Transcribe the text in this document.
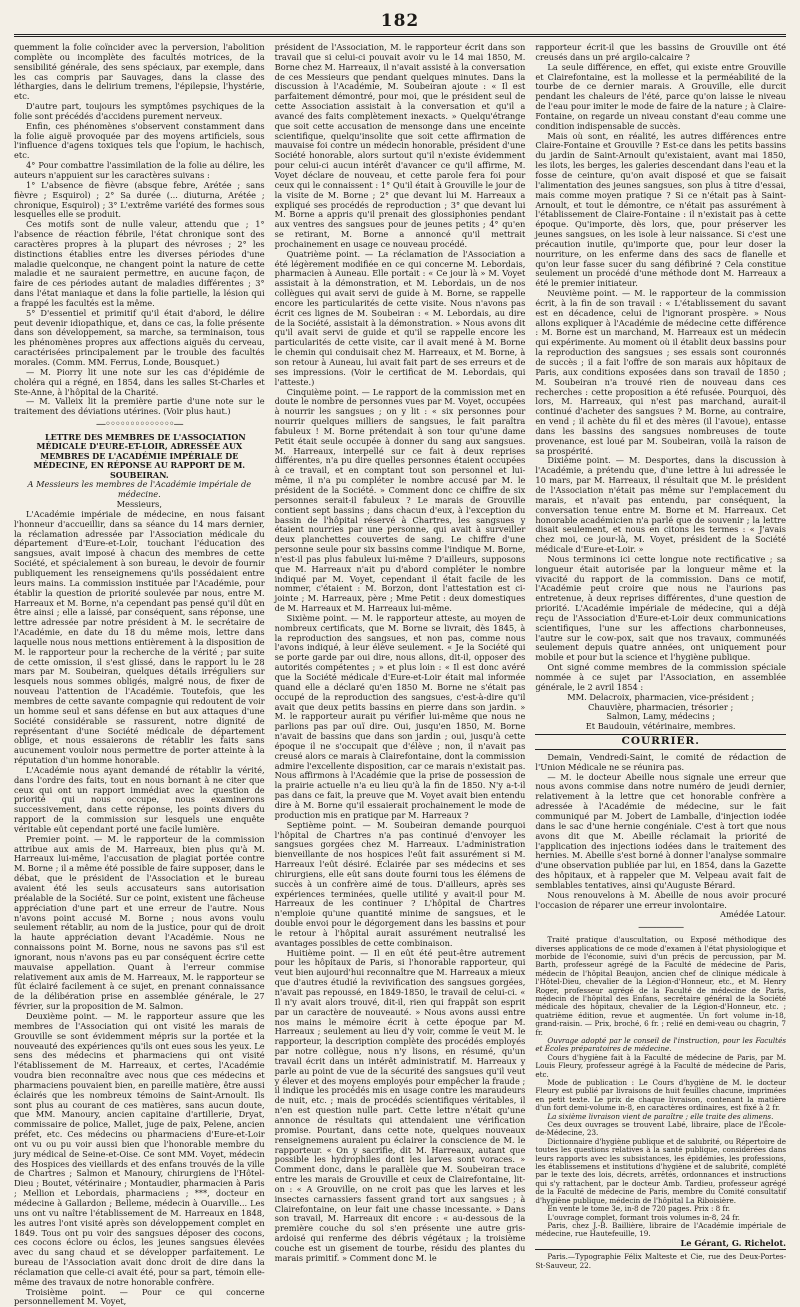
182

quemment la folie coïncider avec la perversion, l'abolition complète ou incomplète des facultés motrices, de la sensibilité générale, des sens spéciaux, par exemple, dans les cas compris par Sauvages, dans la classe des léthargies, dans le delirium tremens, l'épilepsie, l'hystérie, etc.

D'autre part, toujours les symptômes psychiques de la folie sont précédés d'accidens purement nerveux.

Enfin, ces phénomènes s'observent constamment dans la folie aiguë provoquée par des moyens artificiels, sous l'influence d'agens toxiques tels que l'opium, le hachisch, etc.

4° Pour combattre l'assimilation de la folie au délire, les auteurs n'appuient sur les caractères suivans :

1° L'absence de fièvre (absque febre, Arétée ; sans fièvre ; Esquirol) ; 2° Sa durée (... diuturna, Arétée ; chronique, Esquirol) ; 3° L'extrême variété des formes sous lesquelles elle se produit.

Ces motifs sont de nulle valeur, attendu que ; 1° l'absence de réaction fébrile, l'état chronique sont des caractères propres à la plupart des névroses ; 2° les distinctions établies entre les diverses périodes d'une maladie quelconque, ne changent point la nature de cette maladie et ne sauraient permettre, en aucune façon, de faire de ces périodes autant de maladies différentes ; 3° dans l'état maniaque et dans la folie partielle, la lésion qui a frappé les facultés est la même.

5° D'essentiel et primitif qu'il était d'abord, le délire peut devenir idiopathique, et, dans ce cas, la folie présente dans son développement, sa marche, sa terminaison, tous les phénomènes propres aux affections aiguës du cerveau, caractérisées principalement par le trouble des facultés morales. (Comm. MM. Ferrus, Londe, Bousquet.)

— M. Piorry lit une note sur les cas d'épidémie de choléra qui a régné, en 1854, dans les salles St-Charles et Ste-Anne, à l'hôpital de la Charité.

— M. Valleix lit la première partie d'une note sur le traitement des déviations utérines. (Voir plus haut.)

—◦◦◦◦◦◦◦◦◦◦◦◦◦◦—

LETTRE DES MEMBRES DE L'ASSOCIATION MÉDICALE D'EURE-ET-LOIR, ADRESSÉE AUX MEMBRES DE L'ACADÉMIE IMPÉRIALE DE MÉDECINE, EN RÉPONSE AU RAPPORT DE M. SOUBEIRAN.

A Messieurs les membres de l'Académie impériale de médecine.

Messieurs,

L'Académie impériale de médecine, en nous faisant l'honneur d'accueillir, dans sa séance du 14 mars dernier, la réclamation adressée par l'Association médicale du département d'Eure-et-Loir, touchant l'éducation des sangsues, avait imposé à chacun des membres de cette Société, et spécialement à son bureau, le devoir de fournir publiquement les renseignemens qu'ils possédaient entre leurs mains. La commission instituée par l'Académie, pour établir la question de priorité soulevée par nous, entre M. Harreaux et M. Borne, n'a cependant pas pensé qu'il dût en être ainsi ; elle a laissé, par conséquent, sans réponse, une lettre adressée par notre président à M. le secrétaire de l'Académie, en date du 18 du même mois, lettre dans laquelle nous nous mettions entièrement à la disposition de M. le rapporteur pour la recherche de la vérité ; par suite de cette omission, il s'est glissé, dans le rapport lu le 28 mars par M. Soubeiran, quelques détails irréguliers sur lesquels nous sommes obligés, malgré nous, de fixer de nouveau l'attention de l'Académie. Toutefois, que les membres de cette savante compagnie qui redoutent de voir un homme seul et sans défense en but aux attaques d'une Société considérable se rassurent, notre dignité de représentant d'une Société médicale de département oblige, et nous essaierons de rétablir les faits sans aucunement vouloir nous permettre de porter atteinte à la réputation d'un homme honorable.

L'Académie nous ayant demandé de rétablir la vérité, dans l'ordre des faits, tout en nous bornant à ne citer que ceux qui ont un rapport immédiat avec la question de priorité qui nous occupe, nous examinerons successivement, dans cette réponse, les points divers du rapport de la commission sur lesquels une enquête véritable eût cependant porté une facile lumière.

Premier point. — M. le rapporteur de la commission attribue aux amis de M. Harreaux, bien plus qu'à M. Harreaux lui-même, l'accusation de plagiat portée contre M. Borne ; il a même été possible de faire supposer, dans le débat, que le président de l'Association et le bureau avaient été les seuls accusateurs sans autorisation préalable de la Société. Sur ce point, existent une fâcheuse appréciation d'une part et une erreur de l'autre. Nous n'avons point accusé M. Borne ; nous avons voulu seulement rétablir, au nom de la justice, pour qui de droit la haute appréciation devant l'Académie. Nous ne connaissons point M. Borne, nous ne savons pas s'il est ignorant, nous n'avons pas eu par conséquent écrire cette mauvaise appellation. Quant à l'erreur commise relativement aux amis de M. Harreaux, M. le rapporteur se fût éclairé facilement à ce sujet, en prenant connaissance de la délibération prise en assemblée générale, le 27 février, sur la proposition de M. Salmon.

Deuxième point. — M. le rapporteur assure que les membres de l'Association qui ont visité les marais de Grouville se sont évidemment mépris sur la portée et la nouveauté des expériences qu'ils ont eues sous les yeux. Le sens des médecins et pharmaciens qui ont visité l'établissement de M. Harreaux, et certes, l'Académie voudra bien reconnaître avec nous que ces médecins et pharmaciens pouvaient bien, en pareille matière, être aussi éclairés que les nombreux témoins de Saint-Arnoult. Ils sont plus au courant de ces matières, sans aucun doute, que MM. Manoury, ancien capitaine d'artillerie, Dryat, commissaire de police, Mallet, juge de paix, Pelene, ancien préfet, etc. Ces médecins ou pharmaciens d'Eure-et-Loir ont vu ou pu voir aussi bien que l'honorable membre du jury médical de Seine-et-Oise. Ce sont MM. Voyet, médecin des Hospices des vieillards et des enfans trouvés de la ville de Chartres ; Salmon et Manoury, chirurgiens de l'Hôtel-Dieu ; Boutet, vétérinaire ; Montaudier, pharmacien à Paris ; Mellion et Lebordais, pharmaciens ; ***, docteur en médecine à Gallardon ; Belleme, médecin à Ouarville... Les uns ont vu naître l'établissement de M. Harreaux en 1848, les autres l'ont visité après son développement complet en 1849. Tous ont pu voir des sangsues déposer des cocons, ces cocons éclore ou éclos, les jeunes sangsues élevées avec du sang chaud et se développer parfaitement. Le bureau de l'Association avait donc droit de dire dans la réclamation que celle-ci avait été, pour sa part, témoin elle-même des travaux de notre honorable confrère.

Troisième point. — Pour ce qui concerne personnellement M. Voyet,

président de l'Association, M. le rapporteur écrit dans son travail que si celui-ci pouvait avoir vu le 14 mai 1850, M. Borne chez M. Harreaux, il n'avait assisté à la conversation de ces Messieurs que pendant quelques minutes. Dans la discussion à l'Académie, M. Soubeiran ajoute : « Il est parfaitement démontré, pour moi, que le président seul de cette Association assistait à la conversation et qu'il a avancé des faits complètement inexacts. » Quelqu'étrange que soit cette accusation de mensonge dans une enceinte scientifique, quelqu'insolite que soit cette affirmation de mauvaise foi contre un médecin honorable, président d'une Société honorable, alors surtout qu'il n'existe évidemment pour celui-ci aucun intérêt d'avancer ce qu'il affirme, M. Voyet déclare de nouveau, et cette parole fera foi pour ceux qui le connaissent : 1° Qu'il était à Grouville le jour de la visite de M. Borne ; 2° que devant lui M. Harreaux a expliqué ses procédés de reproduction ; 3° que devant lui M. Borne a appris qu'il prenait des glossiphonies pendant aux ventres des sangsues pour de jeunes petits ; 4° qu'en se retirant, M. Borne a annoncé qu'il mettrait prochainement en usage ce nouveau procédé.

Quatrième point. — La réclamation de l'Association a été légèrement modifiée en ce qui concerne M. Lebordais, pharmacien à Auneau. Elle portait : « Ce jour là » M. Voyet assistait à la démonstration, et M. Lebordais, un de nos collègues qui avait servi de guide à M. Borne, se rappelle encore les particularités de cette visite. Nous n'avons pas écrit ces lignes de M. Soubeiran : « M. Lebordais, au dire de la Société, assistait à la démonstration. » Nous avons dit qu'il avait servi de guide et qu'il se rappelle encore les particularités de cette visite, car il avait mené à M. Borne le chemin qui conduisait chez M. Harreaux, et M. Borne, à son retour à Auneau, lui avait fait part de ses erreurs et de ses impressions. (Voir le certificat de M. Lebordais, qui l'atteste.)

Cinquième point. — Le rapport de la commission met en doute le nombre de personnes vues par M. Voyet, occupées à nourrir les sangsues ; on y lit : « six personnes pour nourrir quelques milliers de sangsues, le fait paraîtra fabuleux ! M. Borne prétendait à son tour qu'une dame Petit était seule occupée à donner du sang aux sangsues. M. Harreaux, interpellé sur ce fait à deux reprises différentes, n'a pu dire quelles personnes étaient occupées à ce travail, et en comptant tout son personnel et lui-même, il n'a pu compléter le nombre accusé par M. le président de la Société. » Comment donc ce chiffre de six personnes serait-il fabuleux ? Le marais de Grouville contient sept bassins ; dans chacun d'eux, à l'exception du bassin de l'hôpital réservé à Chartres, les sangsues y étaient nourries par une personne, qui avait à surveiller deux planchettes couvertes de sang. Le chiffre d'une personne seule pour six bassins comme l'indique M. Borne, n'est-il pas plus fabuleux lui-même ? D'ailleurs, supposons que M. Harreaux n'ait pu d'abord compléter le nombre indiqué par M. Voyet, cependant il était facile de les nommer, c'étaient : M. Borzon, dont l'attestation est ci-jointe ; M. Harreaux, père ; Mme Petit : deux domestiques de M. Harreaux et M. Harreaux lui-même.

Sixième point. — M. le rapporteur atteste, au moyen de nombreux certificats, que M. Borne se livrait, dès 1845, à la reproduction des sangsues, et non pas, comme nous l'avons indiqué, à leur élève seulement. « Je la Société qui se porte garde par oui dire, nous allons, dit-il, opposer des autorités compétentes ; » et plus loin : « Il est donc avéré que la Société médicale d'Eure-et-Loir était mal informée quand elle a déclaré qu'en 1850 M. Borne ne s'était pas occupé de la reproduction des sangsues, c'est-à-dire qu'il avait que deux petits bassins en pierre dans son jardin. » M. le rapporteur aurait pu vérifier lui-même que nous ne parlions pas par ouï dire. Oui, jusqu'en 1850, M. Borne n'avait de bassins que dans son jardin ; oui, jusqu'à cette époque il ne s'occupait que d'élève ; non, il n'avait pas creusé alors ce marais à Clairefontaine, dont la commission admire l'excellente disposition, car ce marais n'existait pas. Nous affirmons à l'Académie que la prise de possession de la prairie actuelle n'a eu lieu qu'à la fin de 1850. N'y a-t-il pas dans ce fait, la preuve que M. Voyet avait bien entendu dire à M. Borne qu'il essaierait prochainement le mode de production mis en pratique par M. Harreaux ?

Septième point. — M. Soubeiran demande pourquoi l'hôpital de Chartres n'a pas continué d'envoyer les sangsues gorgées chez M. Harreaux. L'administration bienveillante de nos hospices l'eût fait assurément si M. Harreaux l'eût désiré. Éclairée par ses médecins et ses chirurgiens, elle eût sans doute fourni tous les élémens de succès à un confrère aimé de tous. D'ailleurs, après ses expériences terminées, quelle utilité y avait-il pour M. Harreaux de les continuer ? L'hôpital de Chartres n'emploie qu'une quantité minime de sangsues, et le double envoi pour le dégorgement dans les bassins et pour le retour à l'hôpital aurait assurément neutralisé les avantages possibles de cette combinaison.

Huitième point. — Il en eût été peut-être autrement pour les hôpitaux de Paris, si l'honorable rapporteur, qui veut bien aujourd'hui reconnaître que M. Harreaux a mieux que d'autres étudié la revivification des sangsues gorgées, n'avait pas repoussé, en 1849-1850, le travail de celui-ci. « Il n'y avait alors trouvé, dit-il, rien qui frappât son esprit par un caractère de nouveauté. » Nous avons aussi entre nos mains le mémoire écrit à cette époque par M. Harreaux ; seulement au lieu d'y voir, comme le veut M. le rapporteur, la description complète des procédés employés par notre collègue, nous n'y lisons, en résumé, qu'un travail écrit dans un intérêt administratif. M. Harreaux y parle au point de vue de la sécurité des sangsues qu'il veut y élever et des moyens employés pour empêcher la fraude ; il indique les procédés mis en usage contre les maraudeurs de nuit, etc. ; mais de procédés scientifiques véritables, il n'en est question nulle part. Cette lettre n'était qu'une annonce de résultats qui attendaient une vérification promise. Pourtant, dans cette note, quelques nouveaux renseignemens auraient pu éclairer la conscience de M. le rapporteur. « On y sacrifie, dit M. Harreaux, autant que possible les hydrophiles dont les larves sont voraces. » Comment donc, dans le parallèle que M. Soubeiran trace entre les marais de Grouville et ceux de Clairefontaine, lit-on : « A Grouville, on ne croit pas que les larves et les insectes carnassiers fassent grand tort aux sangsues ; à Clairefontaine, on leur fait une chasse incessante. » Dans son travail, M. Harreaux dit encore : « au-dessous de la première couche du sol s'en présente une autre gris-ardoisé qui renferme des débris végétaux ; la troisième couche est un gisement de tourbe, résidu des plantes du marais primitif. » Comment donc M. le

rapporteur écrit-il que les bassins de Grouville ont été creusés dans un pré argilo-calcaire ?

La seule différence, en effet, qui existe entre Grouville et Clairefontaine, est la mollesse et la perméabilité de la tourbe de ce dernier marais. A Grouville, elle durcit pendant les chaleurs de l'été, parce qu'on laisse le niveau de l'eau pour imiter le mode de faire de la nature ; à Claire-Fontaine, on regarde un niveau constant d'eau comme une condition indispensable de succès.

Mais où sont, en réalité, les autres différences entre Claire-Fontaine et Grouville ? Est-ce dans les petits bassins du jardin de Saint-Arnoult qu'existaient, avant mai 1850, les ilots, les berges, les galeries descendant dans l'eau et la fosse de ceinture, qu'on avait disposé et que se faisait l'alimentation des jeunes sangsues, son plus à titre d'essai, mais comme moyen pratique ? Si ce n'était pas à Saint-Arnoult, et tout le démontre, ce n'était pas assurément à l'établissement de Claire-Fontaine : il n'existait pas à cette époque. Qu'importe, dès lors, que, pour préserver les jeunes sangsues, on les isole à leur naissance. Si c'est une précaution inutile, qu'importe que, pour leur doser la nourriture, on les enferme dans des sacs de flanelle et qu'on leur fasse sucer du sang défibriné ? Cela constitue seulement un procédé d'une méthode dont M. Harreaux a été le premier initiateur.

Neuvième point. — M. le rapporteur de la commission écrit, à la fin de son travail : « L'établissement du savant est en décadence, celui de l'ignorant prospère. » Nous allons expliquer à l'Académie de médecine cette différence : M. Borne est un marchand, M. Harreaux est un médecin qui expérimente. Au moment où il établit deux bassins pour la reproduction des sangsues ; ses essais sont couronnés de succès ; il a fait l'offre de son marais aux hôpitaux de Paris, aux conditions exposées dans son travail de 1850 ; M. Soubeiran n'a trouvé rien de nouveau dans ces recherches : cette proposition a été refusée. Pourquoi, dès lors, M. Harreaux, qui n'est pas marchand, aurait-il continué d'acheter des sangsues ? M. Borne, au contraire, en vend ; il achète du fil et des mères (il l'avoue), entasse dans les bassins des sangsues nombreuses de toute provenance, est loué par M. Soubeiran, voilà la raison de sa prospérité.

Dixième point. — M. Desportes, dans la discussion à l'Académie, a prétendu que, d'une lettre à lui adressée le 10 mars, par M. Harreaux, il résultait que M. le président de l'Association n'était pas même sur l'emplacement du marais, et n'avait pas entendu, par conséquent, la conversation tenue entre M. Borne et M. Harreaux. Cet honorable académicien n'a parlé que de souvenir ; la lettre disait seulement, et nous en citons les termes : « J'avais chez moi, ce jour-là, M. Voyet, président de la Société médicale d'Eure-et-Loir. »

Nous terminons ici cette longue note rectificative ; sa longueur était autorisée par la longueur même et la vivacité du rapport de la commission. Dans ce motif, l'Académie peut croire que nous ne l'aurions pas entretenue, à deux reprises différentes, d'une question de priorité. L'Académie impériale de médecine, qui a déjà reçu de l'Association d'Eure-et-Loir deux communications scientifiques, l'une sur les affections charbonneuses, l'autre sur le cow-pox, sait que nos travaux, communéés seulement depuis quatre années, ont uniquement pour mobile et pour but la science et l'hygiène publique.

Ont signé comme membres de la commission spéciale nommée à ce sujet par l'Association, en assemblée générale, le 2 avril 1854 :

MM. Delacroix, pharmacien, vice-président ;

Chauvière, pharmacien, trésorier ;

Salmon, Lamy, médecins ;

Et Baudouin, vétérinaire, membres.

COURRIER.

Demain, Vendredi-Saint, le comité de rédaction de l'Union Médicale ne se réunira pas.

— M. le docteur Abeille nous signale une erreur que nous avons commise dans notre numéro de jeudi dernier, relativement à la lettre que cet honorable confrère a adressée à l'Académie de médecine, sur le fait communiqué par M. Jobert de Lamballe, d'injection iodée dans le sac d'une hernie congéniale. C'est à tort que nous avons dit que M. Abeille réclamait la priorité de l'application des injections iodées dans le traitement des hernies. M. Abeille s'est borné à donner l'analyse sommaire d'une observation publiée par lui, en 1854, dans la Gazette des hôpitaux, et à rappeler que M. Velpeau avait fait de semblables tentatives, ainsi qu'Auguste Bérard.

Nous renouvelons à M. Abeille de nous avoir procuré l'occasion de réparer une erreur involontaire.

Amédée Latour.

—————

Traité pratique d'auscultation, ou Exposé méthodique des diverses applications de ce mode d'examen à l'état physiologique et morbide de l'économie, suivi d'un précis de percussion, par M. Barth, professeur agrégé de la Faculté de médecine de Paris, médecin de l'hôpital Beaujon, ancien chef de clinique médicale à l'Hôtel-Dieu, chevalier de la Légion-d'Honneur, etc., et M. Henry Roger, professeur agrégé de la Faculté de médecine de Paris, médecin de l'hôpital des Enfans, secrétaire général de la Société médicale des hôpitaux, chevalier de la Légion-d'Honneur, etc. ; quatrième édition, revue et augmentée. Un fort volume in-18, grand-raisin. — Prix, broché, 6 fr. ; relié en demi-veau ou chagrin, 7 fr.

Ouvrage adopté par le conseil de l'instruction, pour les Facultés et Écoles préparatoires de médecine.

Cours d'hygiène fait à la Faculté de médecine de Paris, par M. Louis Fleury, professeur agrégé à la Faculté de médecine de Paris, etc.

Mode de publication : Le Cours d'hygiène de M. le docteur Fleury est publié par livraisons de huit feuilles chacune, imprimées en petit texte. Le prix de chaque livraison, contenant la matière d'un fort demi-volume in-8, en caractères ordinaires, est fixé à 2 fr.

La sixième livraison vient de paraître ; elle traite des alimens.

Ces deux ouvrages se trouvent Labé, libraire, place de l'École-de-Médecine, 23.

Dictionnaire d'hygiène publique et de salubrité, ou Répertoire de toutes les questions relatives à la santé publique, considérées dans leurs rapports avec les subsistances, les épidémies, les professions, les établissemens et institutions d'hygiène et de salubrité, complété par le texte des lois, décrets, arrêtés, ordonnances et instructions qui s'y rattachent, par le docteur Amb. Tardieu, professeur agrégé de la Faculté de médecine de Paris, membre du Comité consultatif d'hygiène publique, médecin de l'hôpital La Riboisière.

En vente le tome 3e, in-8 de 720 pages. Prix : 8 fr.

L'ouvrage complet, formant trois volumes in-8, 24 fr.

Paris, chez J.-B. Baillière, libraire de l'Académie impériale de médecine, rue Hautefeuille, 19.

Le Gérant, G. Richelot.

Paris.—Typographie Félix Malteste et Cie, rue des Deux-Portes-St-Sauveur, 22.
